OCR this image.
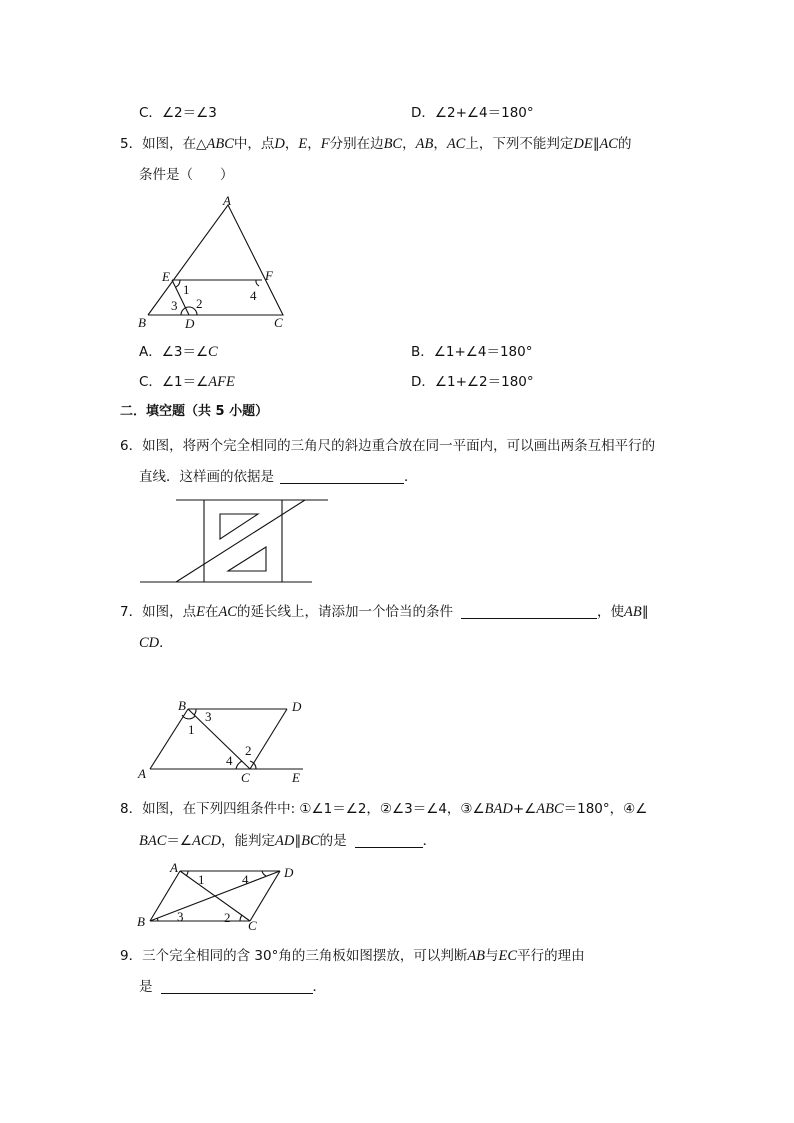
C．∠2＝∠3	D．∠2+∠4＝180°
5．如图，在△ABC中，点D，E，F分别在边BC，AB，AC上，下列不能判定DE∥AC的
条件是（　　）
A
E	F
B	D	C
1
2
3
4
A．∠3＝∠C	B．∠1+∠4＝180°
C．∠1＝∠AFE	D．∠1+∠2＝180°
二．填空题（共 5 小题）
6．如图，将两个完全相同的三角尺的斜边重合放在同一平面内，可以画出两条互相平行的
直线．这样画的依据是	．
7．如图，点E在AC的延长线上，请添加一个恰当的条件	，使AB∥
CD．
B	D
A	C	E
1
2
3
4
8．如图，在下列四组条件中: ①∠1＝∠2，②∠3＝∠4，③∠BAD+∠ABC＝180°，④∠
BAC＝∠ACD，能判定AD∥BC的是	．
A	D
B	C
1
2
3
4
9．三个完全相同的含 30°角的三角板如图摆放，可以判断AB与EC平行的理由
是	．
